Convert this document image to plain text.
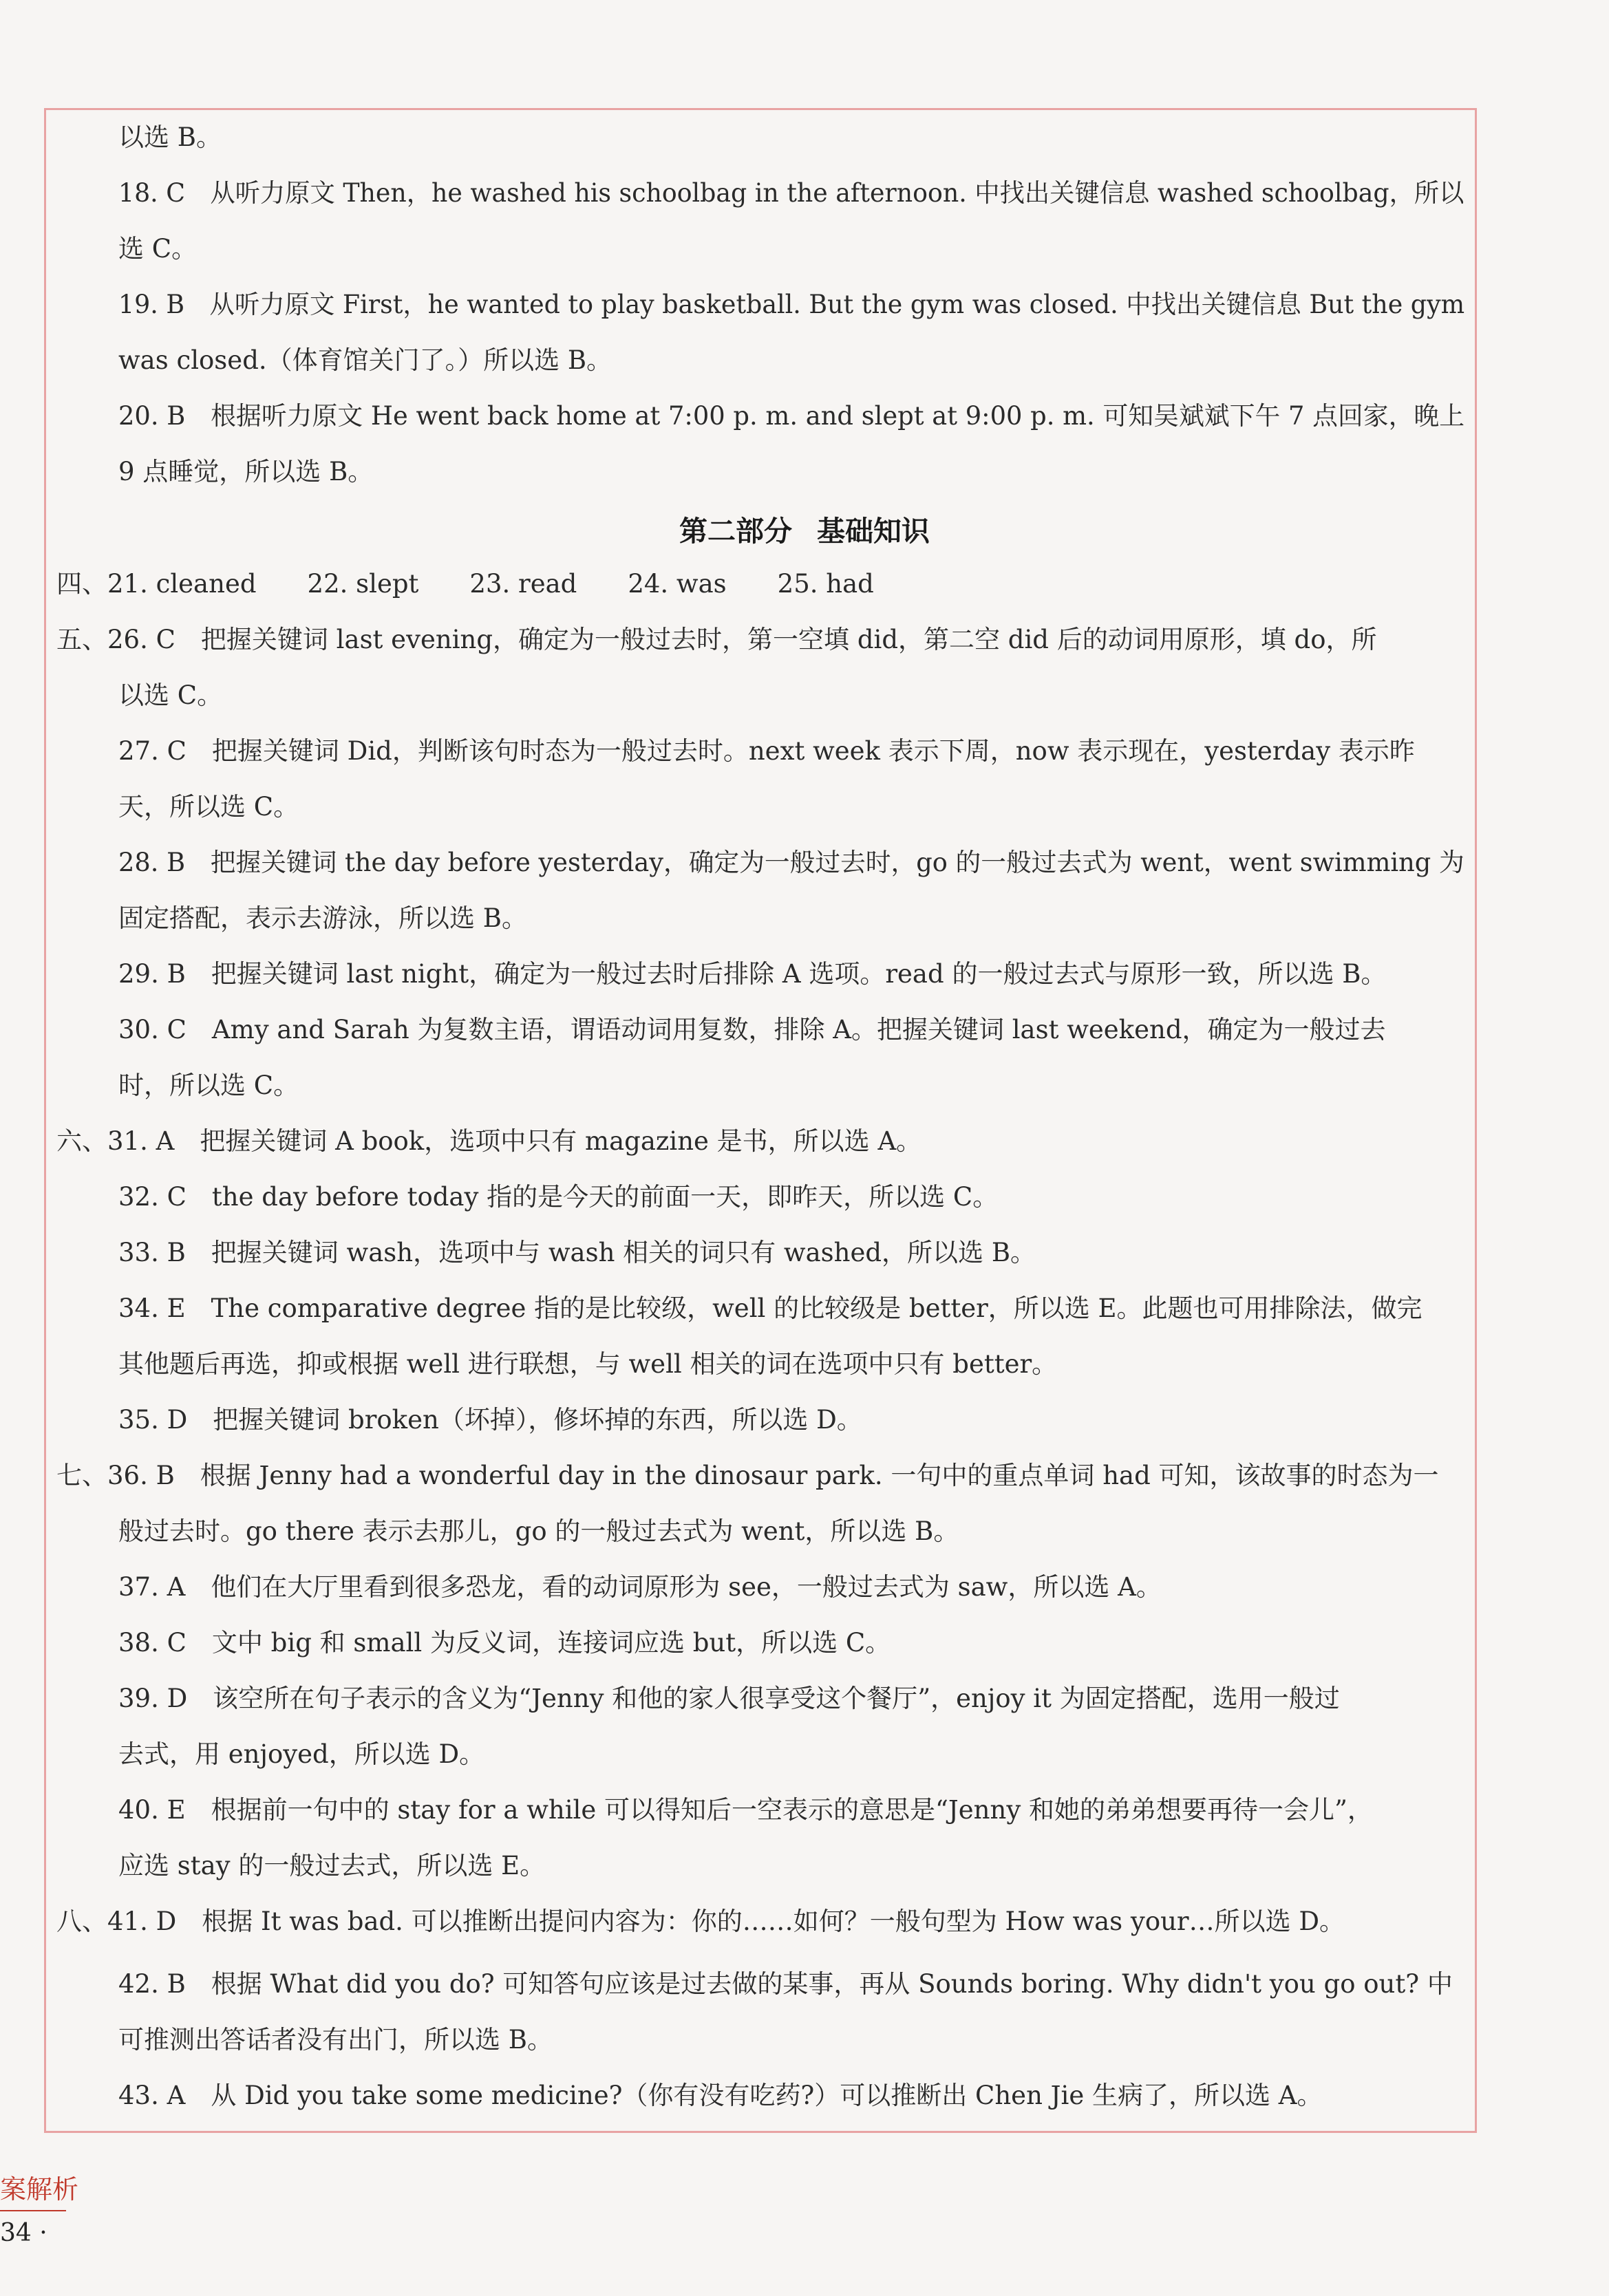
以选 B。
18. C　从听力原文 Then，he washed his schoolbag in the afternoon. 中找出关键信息 washed schoolbag，所以
选 C。
19. B　从听力原文 First，he wanted to play basketball. But the gym was closed. 中找出关键信息 But the gym
was closed.（体育馆关门了。）所以选 B。
20. B　根据听力原文 He went back home at 7:00 p. m. and slept at 9:00 p. m. 可知吴斌斌下午 7 点回家，晚上
9 点睡觉，所以选 B。
第二部分 基础知识
四、21. cleaned　　22. slept　　23. read　　24. was　　25. had
五、26. C　把握关键词 last evening，确定为一般过去时，第一空填 did，第二空 did 后的动词用原形，填 do，所
以选 C。
27. C　把握关键词 Did，判断该句时态为一般过去时。next week 表示下周，now 表示现在，yesterday 表示昨
天，所以选 C。
28. B　把握关键词 the day before yesterday，确定为一般过去时，go 的一般过去式为 went，went swimming 为
固定搭配，表示去游泳，所以选 B。
29. B　把握关键词 last night，确定为一般过去时后排除 A 选项。read 的一般过去式与原形一致，所以选 B。
30. C　Amy and Sarah 为复数主语，谓语动词用复数，排除 A。把握关键词 last weekend，确定为一般过去
时，所以选 C。
六、31. A　把握关键词 A book，选项中只有 magazine 是书，所以选 A。
32. C　the day before today 指的是今天的前面一天，即昨天，所以选 C。
33. B　把握关键词 wash，选项中与 wash 相关的词只有 washed，所以选 B。
34. E　The comparative degree 指的是比较级，well 的比较级是 better，所以选 E。此题也可用排除法，做完
其他题后再选，抑或根据 well 进行联想，与 well 相关的词在选项中只有 better。
35. D　把握关键词 broken（坏掉），修坏掉的东西，所以选 D。
七、36. B　根据 Jenny had a wonderful day in the dinosaur park. 一句中的重点单词 had 可知，该故事的时态为一
般过去时。go there 表示去那儿，go 的一般过去式为 went，所以选 B。
37. A　他们在大厅里看到很多恐龙，看的动词原形为 see，一般过去式为 saw，所以选 A。
38. C　文中 big 和 small 为反义词，连接词应选 but，所以选 C。
39. D　该空所在句子表示的含义为“Jenny 和他的家人很享受这个餐厅”，enjoy it 为固定搭配，选用一般过
去式，用 enjoyed，所以选 D。
40. E　根据前一句中的 stay for a while 可以得知后一空表示的意思是“Jenny 和她的弟弟想要再待一会儿”，
应选 stay 的一般过去式，所以选 E。
八、41. D　根据 It was bad. 可以推断出提问内容为：你的……如何？一般句型为 How was your…所以选 D。
42. B　根据 What did you do? 可知答句应该是过去做的某事，再从 Sounds boring. Why didn't you go out? 中
可推测出答话者没有出门，所以选 B。
43. A　从 Did you take some medicine?（你有没有吃药?）可以推断出 Chen Jie 生病了，所以选 A。
案解析
34 ·
